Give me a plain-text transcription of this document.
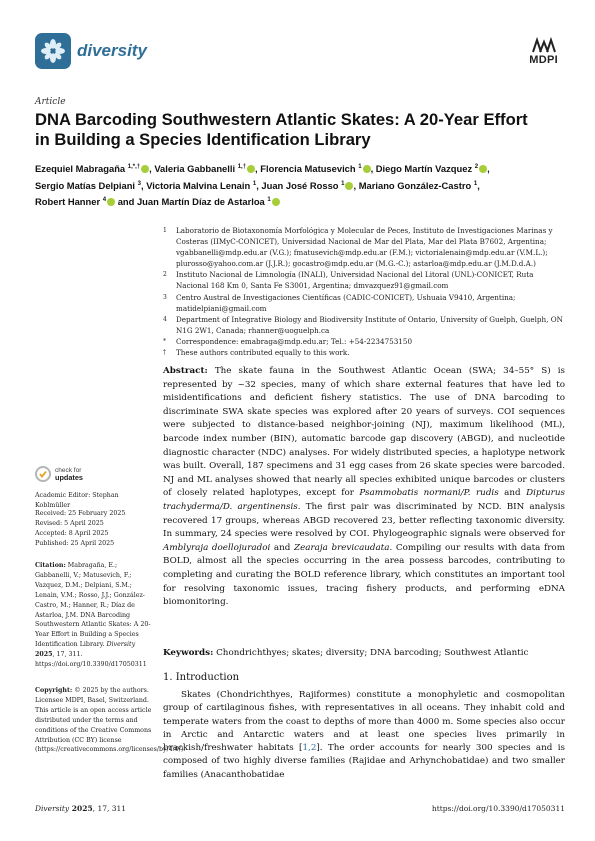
diversity	MDPI
Article
DNA Barcoding Southwestern Atlantic Skates: A 20-Year Effort
in Building a Species Identification Library
Ezequiel Mabragaña $^{1,*,\dagger}$ , Valeria Gabbanelli $^{1,\dagger}$ , Florencia Matusevich $^1$ , Diego Martín Vazquez $^2$ ,
Sergio Matías Delpiani $^3$, Victoria Malvina Lenain $^1$, Juan José Rosso $^1$ , Mariano González-Castro $^1$,
Robert Hanner $^4$ and Juan Martín Díaz de Astarloa $^1$
1	Laboratorio de Biotaxonomía Morfológica y Molecular de Peces, Instituto de Investigaciones Marinas y Costeras (IIMyC-CONICET), Universidad Nacional de Mar del Plata, Mar del Plata B7602, Argentina; vgabbanelli@mdp.edu.ar (V.G.); fmatusevich@mdp.edu.ar (F.M.); victorialenain@mdp.edu.ar (V.M.L.); plurosso@yahoo.com.ar (J.J.R.); gocastro@mdp.edu.ar (M.G.-C.); astarloa@mdp.edu.ar (J.M.D.d.A.)
2	Instituto Nacional de Limnología (INALI), Universidad Nacional del Litoral (UNL)-CONICET, Ruta Nacional 168 Km 0, Santa Fe S3001, Argentina; dmvazquez91@gmail.com
3	Centro Austral de Investigaciones Científicas (CADIC-CONICET), Ushuaia V9410, Argentina; matidelpiani@gmail.com
4	Department of Integrative Biology and Biodiversity Institute of Ontario, University of Guelph, Guelph, ON N1G 2W1, Canada; rhanner@uoguelph.ca
*	Correspondence: emabraga@mdp.edu.ar; Tel.: +54-2234753150
†	These authors contributed equally to this work.
Abstract: The skate fauna in the Southwest Atlantic Ocean (SWA; 34–55° S) is represented by ~32 species, many of which share external features that have led to misidentifications and deficient fishery statistics. The use of DNA barcoding to discriminate SWA skate species was explored after 20 years of surveys. COI sequences were subjected to distance-based neighbor-joining (NJ), maximum likelihood (ML), barcode index number (BIN), automatic barcode gap discovery (ABGD), and nucleotide diagnostic character (NDC) analyses. For widely distributed species, a haplotype network was built. Overall, 187 specimens and 31 egg cases from 26 skate species were barcoded. NJ and ML analyses showed that nearly all species exhibited unique barcodes or clusters of closely related haplotypes, except for Psammobatis normani/P. rudis and Dipturus trachyderma/D. argentinensis. The first pair was discriminated by NCD. BIN analysis recovered 17 groups, whereas ABGD recovered 23, better reflecting taxonomic diversity. In summary, 24 species were resolved by COI. Phylogeographic signals were observed for Amblyraja doellojuradoi and Zearaja brevicaudata. Compiling our results with data from BOLD, almost all the species occurring in the area possess barcodes, contributing to completing and curating the BOLD reference library, which constitutes an important tool for resolving taxonomic issues, tracing fishery products, and performing eDNA biomonitoring.
Keywords: Chondrichthyes; skates; diversity; DNA barcoding; Southwest Atlantic
1. Introduction
Skates (Chondrichthyes, Rajiformes) constitute a monophyletic and cosmopolitan group of cartilaginous fishes, with representatives in all oceans. They inhabit cold and temperate waters from the coast to depths of more than 4000 m. Some species also occur in Arctic and Antarctic waters and at least one species lives primarily in brackish/freshwater habitats [1,2]. The order accounts for nearly 300 species and is composed of two highly diverse families (Rajidae and Arhynchobatidae) and two smaller families (Anacanthobatidae
check for
updates
Academic Editor: Stephan Koblmüller
Received: 25 February 2025
Revised: 5 April 2025
Accepted: 8 April 2025
Published: 25 April 2025
Citation: Mabragaña, E.; Gabbanelli, V.; Matusevich, F.; Vazquez, D.M.; Delpiani, S.M.; Lenain, V.M.; Rosso, J.J.; González-Castro, M.; Hanner, R.; Díaz de Astarloa, J.M. DNA Barcoding Southwestern Atlantic Skates: A 20-Year Effort in Building a Species Identification Library. Diversity 2025, 17, 311. https://doi.org/10.3390/d17050311
Copyright: © 2025 by the authors. Licensee MDPI, Basel, Switzerland. This article is an open access article distributed under the terms and conditions of the Creative Commons Attribution (CC BY) license (https://creativecommons.org/licenses/by/4.0/).
Diversity 2025, 17, 311	https://doi.org/10.3390/d17050311
